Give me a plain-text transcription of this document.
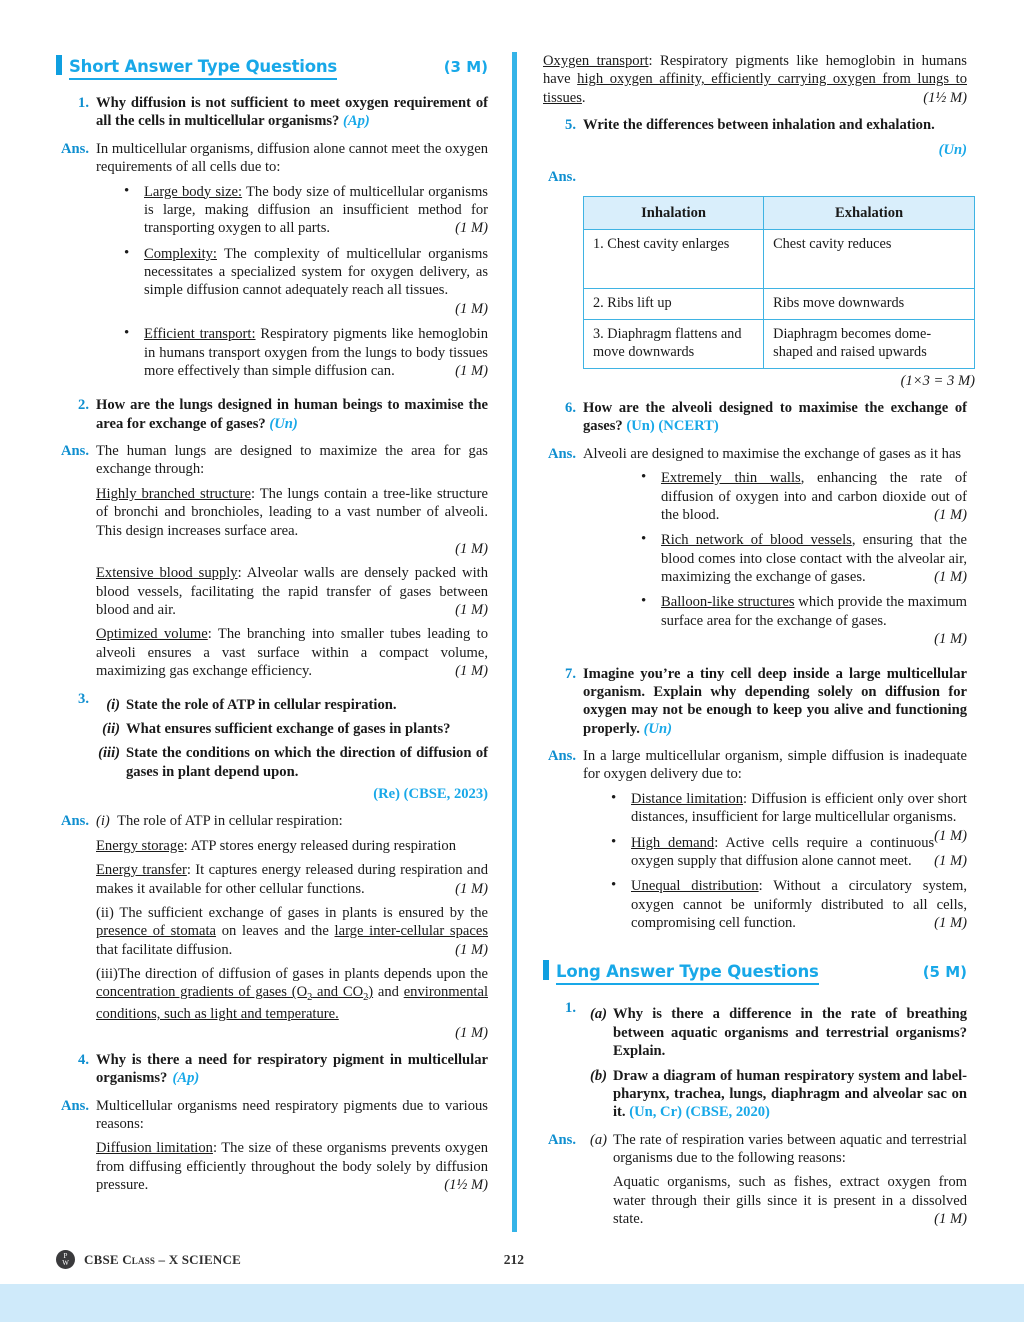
Short Answer Type Questions	(3 M)
1. Why diffusion is not sufficient to meet oxygen requirement of all the cells in multicellular organisms? (Ap)

Ans. In multicellular organisms, diffusion alone cannot meet the oxygen requirements of all cells due to:

• Large body size: The body size of multicellular organisms is large, making diffusion an insufficient method for transporting oxygen to all parts.	(1 M)
• Complexity: The complexity of multicellular organisms necessitates a specialized system for oxygen delivery, as simple diffusion cannot adequately reach all tissues.
(1 M)
• Efficient transport: Respiratory pigments like hemoglobin in humans transport oxygen from the lungs to body tissues more effectively than simple diffusion can.	(1 M)
2. How are the lungs designed in human beings to maximise the area for exchange of gases? (Un)

Ans. The human lungs are designed to maximize the area for gas exchange through:

Highly branched structure: The lungs contain a tree-like structure of bronchi and bronchioles, leading to a vast number of alveoli. This design increases surface area.
(1 M)

Extensive blood supply: Alveolar walls are densely packed with blood vessels, facilitating the rapid transfer of gases between blood and air.	(1 M)

Optimized volume: The branching into smaller tubes leading to alveoli ensures a vast surface within a compact volume, maximizing gas exchange efficiency.	(1 M)

3.	(i) State the role of ATP in cellular respiration.
(ii) What ensures sufficient exchange of gases in plants?
(iii) State the conditions on which the direction of diffusion of gases in plant depend upon.

(Re) (CBSE, 2023)

Ans. (i) The role of ATP in cellular respiration:

Energy storage: ATP stores energy released during respiration

Energy transfer: It captures energy released during respiration and makes it available for other cellular functions.	(1 M)

(ii) The sufficient exchange of gases in plants is ensured by the presence of stomata on leaves and the large inter-cellular spaces that facilitate diffusion.	(1 M)

(iii)The direction of diffusion of gases in plants depends upon the concentration gradients of gases ($O_2$ and $CO_2$) and environmental conditions, such as light and temperature.
(1 M)

4. Why is there a need for respiratory pigment in multicellular organisms? (Ap)

Ans. Multicellular organisms need respiratory pigments due to various reasons:

Diffusion limitation: The size of these organisms prevents oxygen from diffusing efficiently throughout the body solely by diffusion pressure.	(1½ M)

Oxygen transport: Respiratory pigments like hemoglobin in humans have high oxygen affinity, efficiently carrying oxygen from lungs to tissues.	(1½ M)

5. Write the differences between inhalation and exhalation.

(Un)

Ans.
Inhalation	Exhalation
1. Chest cavity enlarges	Chest cavity reduces
2. Ribs lift up	Ribs move downwards
3. Diaphragm flattens and move downwards	Diaphragm becomes dome-shaped and raised upwards
(1×3 = 3 M)
6. How are the alveoli designed to maximise the exchange of gases? (Un) (NCERT)

Ans. Alveoli are designed to maximise the exchange of gases as it has

• Extremely thin walls, enhancing the rate of diffusion of oxygen into and carbon dioxide out of the blood.	(1 M)
• Rich network of blood vessels, ensuring that the blood comes into close contact with the alveolar air, maximizing the exchange of gases.	(1 M)
• Balloon-like structures which provide the maximum surface area for the exchange of gases.
(1 M)
7. Imagine you’re a tiny cell deep inside a large multicellular organism. Explain why depending solely on diffusion for oxygen may not be enough to keep you alive and functioning properly. (Un)

Ans. In a large multicellular organism, simple diffusion is inadequate for oxygen delivery due to:

• Distance limitation: Diffusion is efficient only over short distances, insufficient for large multicellular organisms.
(1 M)
• High demand: Active cells require a continuous oxygen supply that diffusion alone cannot meet. (1 M)
• Unequal distribution: Without a circulatory system, oxygen cannot be uniformly distributed to all cells, compromising cell function.	(1 M)
Long Answer Type Questions	(5 M)
1. (a) Why is there a difference in the rate of breathing between aquatic organisms and terrestrial organisms? Explain.
(b) Draw a diagram of human respiratory system and label-pharynx, trachea, lungs, diaphragm and alveolar sac on it. (Un, Cr) (CBSE, 2020)
Ans. (a) The rate of respiration varies between aquatic and terrestrial organisms due to the following reasons:

Aquatic organisms, such as fishes, extract oxygen from water through their gills since it is present in a dissolved state.	(1 M)

P
W CBSE Class – X SCIENCE	212
